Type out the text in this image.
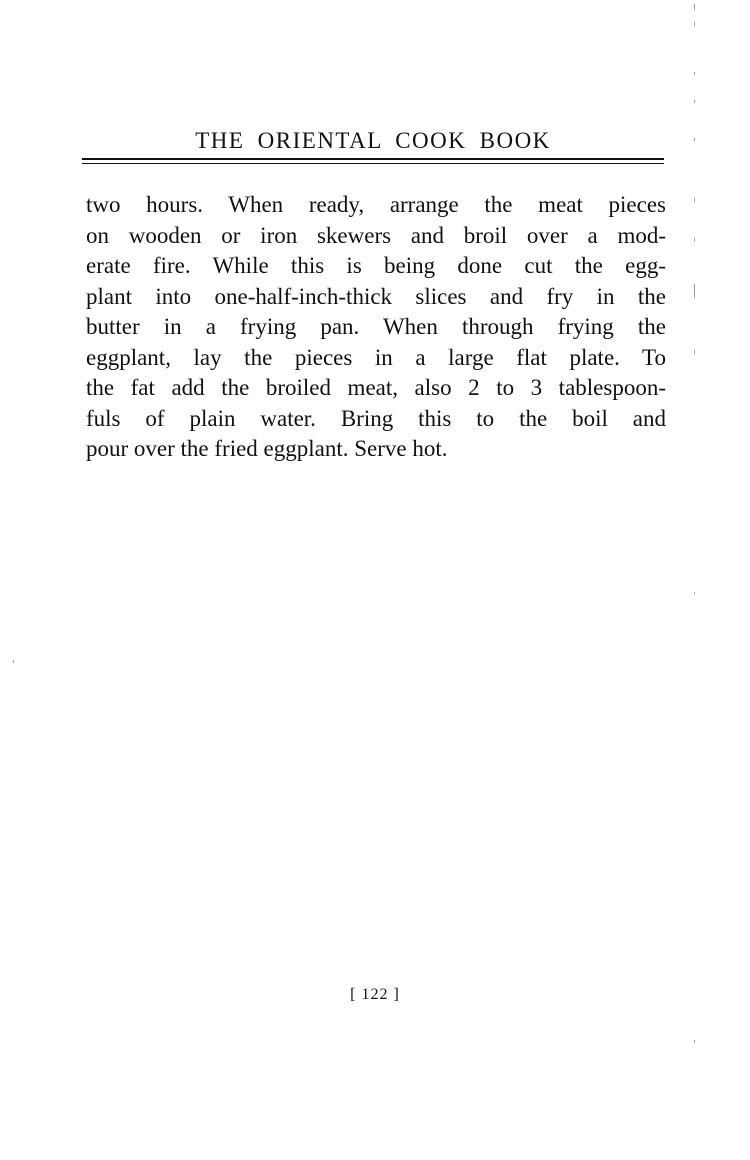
THE ORIENTAL COOK BOOK
two hours. When ready, arrange the meat pieces
on wooden or iron skewers and broil over a mod-
erate fire. While this is being done cut the egg-
plant into one-half-inch-thick slices and fry in the
butter in a frying pan. When through frying the
eggplant, lay the pieces in a large flat plate. To
the fat add the broiled meat, also 2 to 3 tablespoon-
fuls of plain water. Bring this to the boil and
pour over the fried eggplant. Serve hot.
[ 122 ]
